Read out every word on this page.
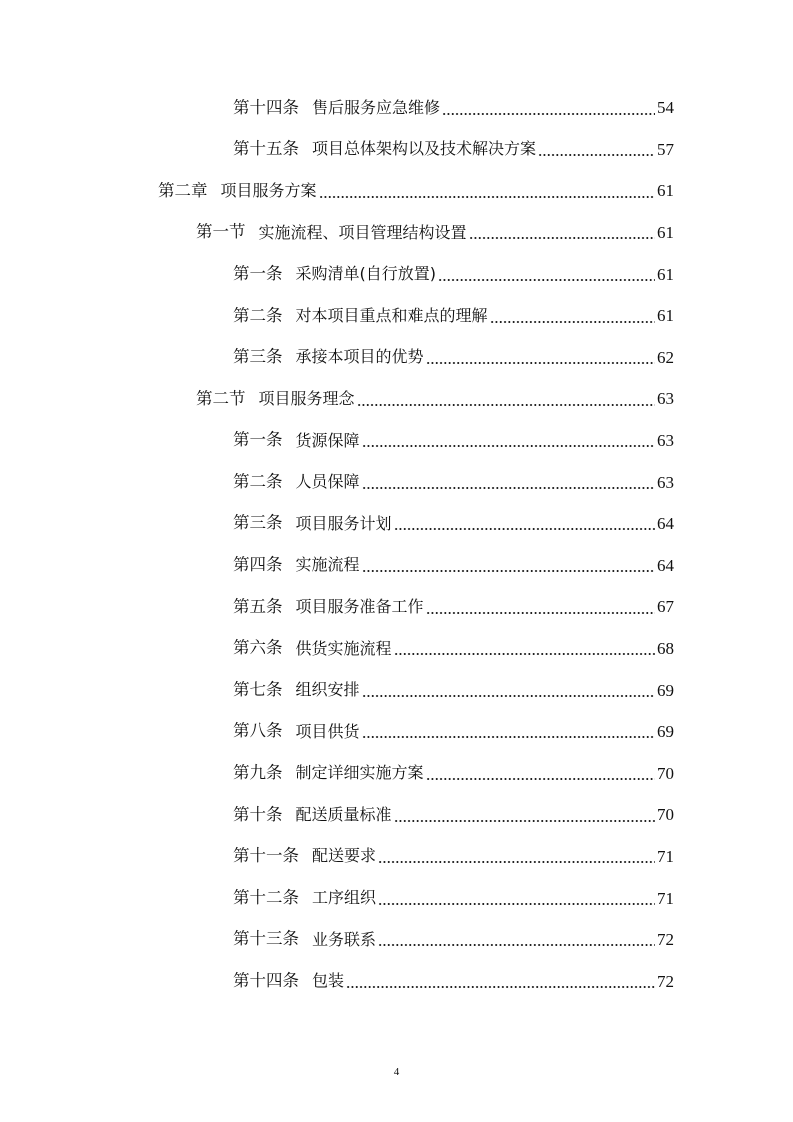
第十四条 售后服务应急维修	54
第十五条 项目总体架构以及技术解决方案	57
第二章 项目服务方案	61
第一节 实施流程、项目管理结构设置	61
第一条 采购清单(自行放置)	61
第二条 对本项目重点和难点的理解	61
第三条 承接本项目的优势	62
第二节 项目服务理念	63
第一条 货源保障	63
第二条 人员保障	63
第三条 项目服务计划	64
第四条 实施流程	64
第五条 项目服务准备工作	67
第六条 供货实施流程	68
第七条 组织安排	69
第八条 项目供货	69
第九条 制定详细实施方案	70
第十条 配送质量标准	70
第十一条 配送要求	71
第十二条 工序组织	71
第十三条 业务联系	72
第十四条 包装	72
4
